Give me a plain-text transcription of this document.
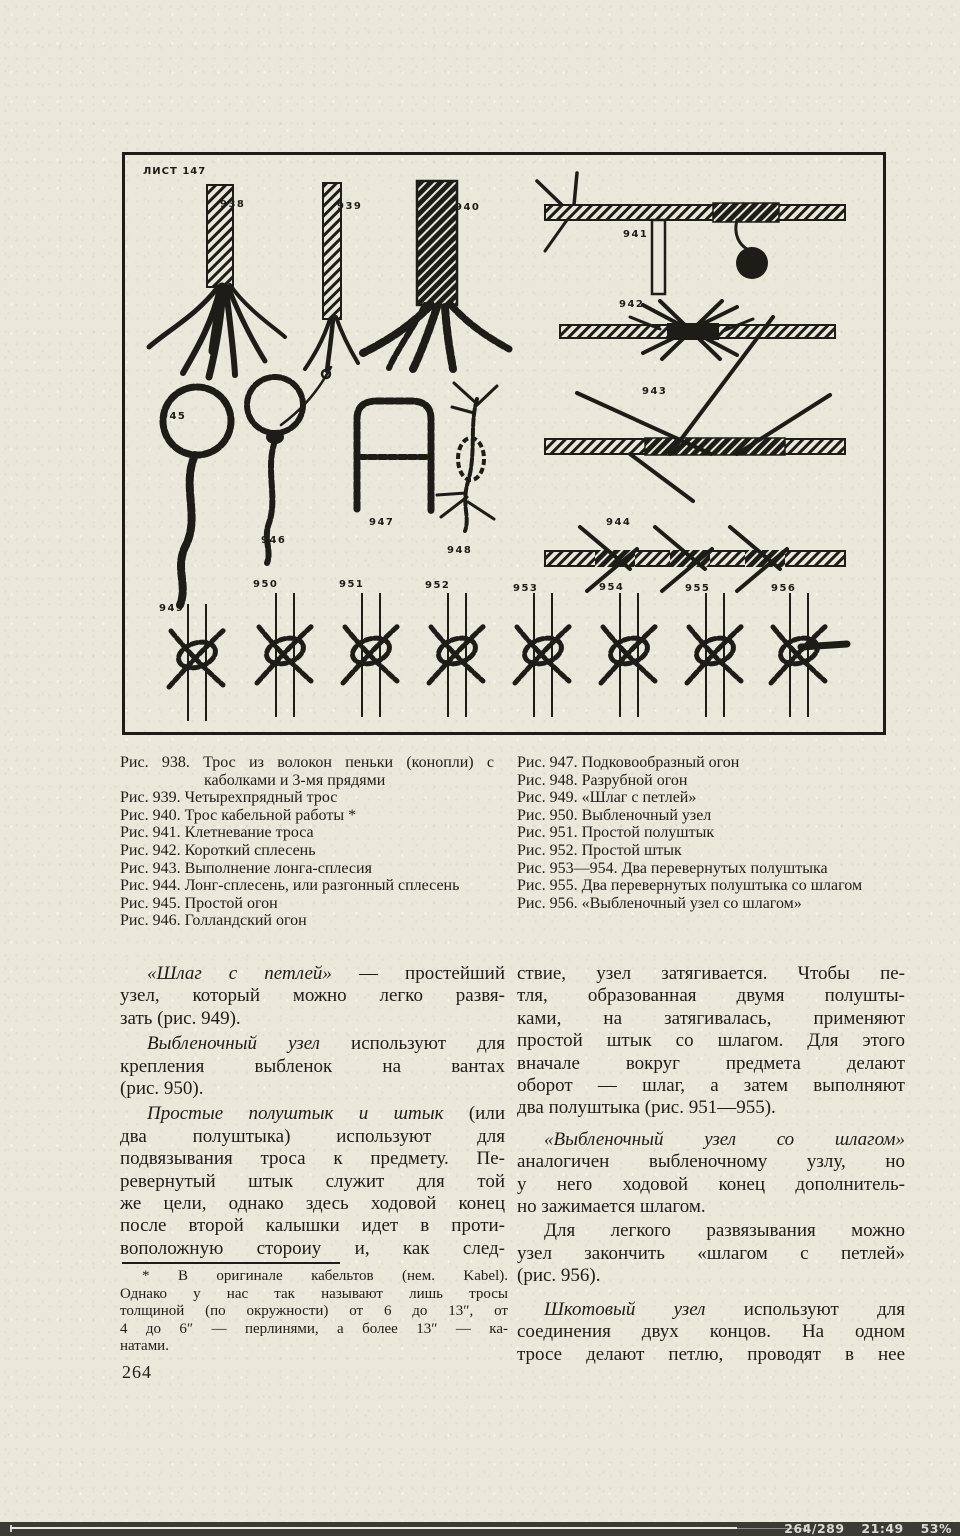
ЛИСТ 147
938	939	940
941
942
943
944
945
946
947
948
949
950	951	952	953	954	955	956
Рис. 938. Трос из волокон пеньки (конопли) с каболками и 3-мя прядями
Рис. 939. Четырехпрядный трос
Рис. 940. Трос кабельной работы *
Рис. 941. Клетневание троса
Рис. 942. Короткий сплесень
Рис. 943. Выполнение лонга-сплесия
Рис. 944. Лонг-сплесень, или разгонный сплесень
Рис. 945. Простой огон
Рис. 946. Голландский огон
Рис. 947. Подковообразный огон
Рис. 948. Разрубной огон
Рис. 949. «Шлаг с петлей»
Рис. 950. Выбленочный узел
Рис. 951. Простой полуштык
Рис. 952. Простой штык
Рис. 953—954. Два перевернутых полуштыка
Рис. 955. Два перевернутых полуштыка со шлагом
Рис. 956. «Выбленочный узел со шлагом»
«Шлаг с петлей» — простейший
узел, который можно легко развя-
зать (рис. 949).
Выбленочный узел используют для
крепления выбленок на вантах
(рис. 950).
Простые полуштык и штык (или
два полуштыка) используют для
подвязывания троса к предмету. Пе-
ревернутый штык служит для той
же цели, однако здесь ходовой конец
после второй калышки идет в проти-
воположную стороиу и, как след-
ствие, узел затягивается. Чтобы пе-
тля, образованная двумя полушты-
ками, на затягивалась, применяют
простой штык со шлагом. Для этого
вначале вокруг предмета делают
оборот — шлаг, а затем выполняют
два полуштыка (рис. 951—955).
«Выбленочный узел со шлагом»
аналогичен выбленочному узлу, но
у него ходовой конец дополнитель-
но зажимается шлагом.
Для легкого развязывания можно
узел закончить «шлагом с петлей»
(рис. 956).
Шкотовый узел используют для
соединения двух концов. На одном
тросе делают петлю, проводят в нее
* В оригинале кабельтов (нем. Kabel).
Однако у нас так называют лишь тросы
толщиной (по окружности) от 6 до 13″, от
4 до 6″ — перлинями, а более 13″ — ка-
натами.
264
264/289 21:49 53%
